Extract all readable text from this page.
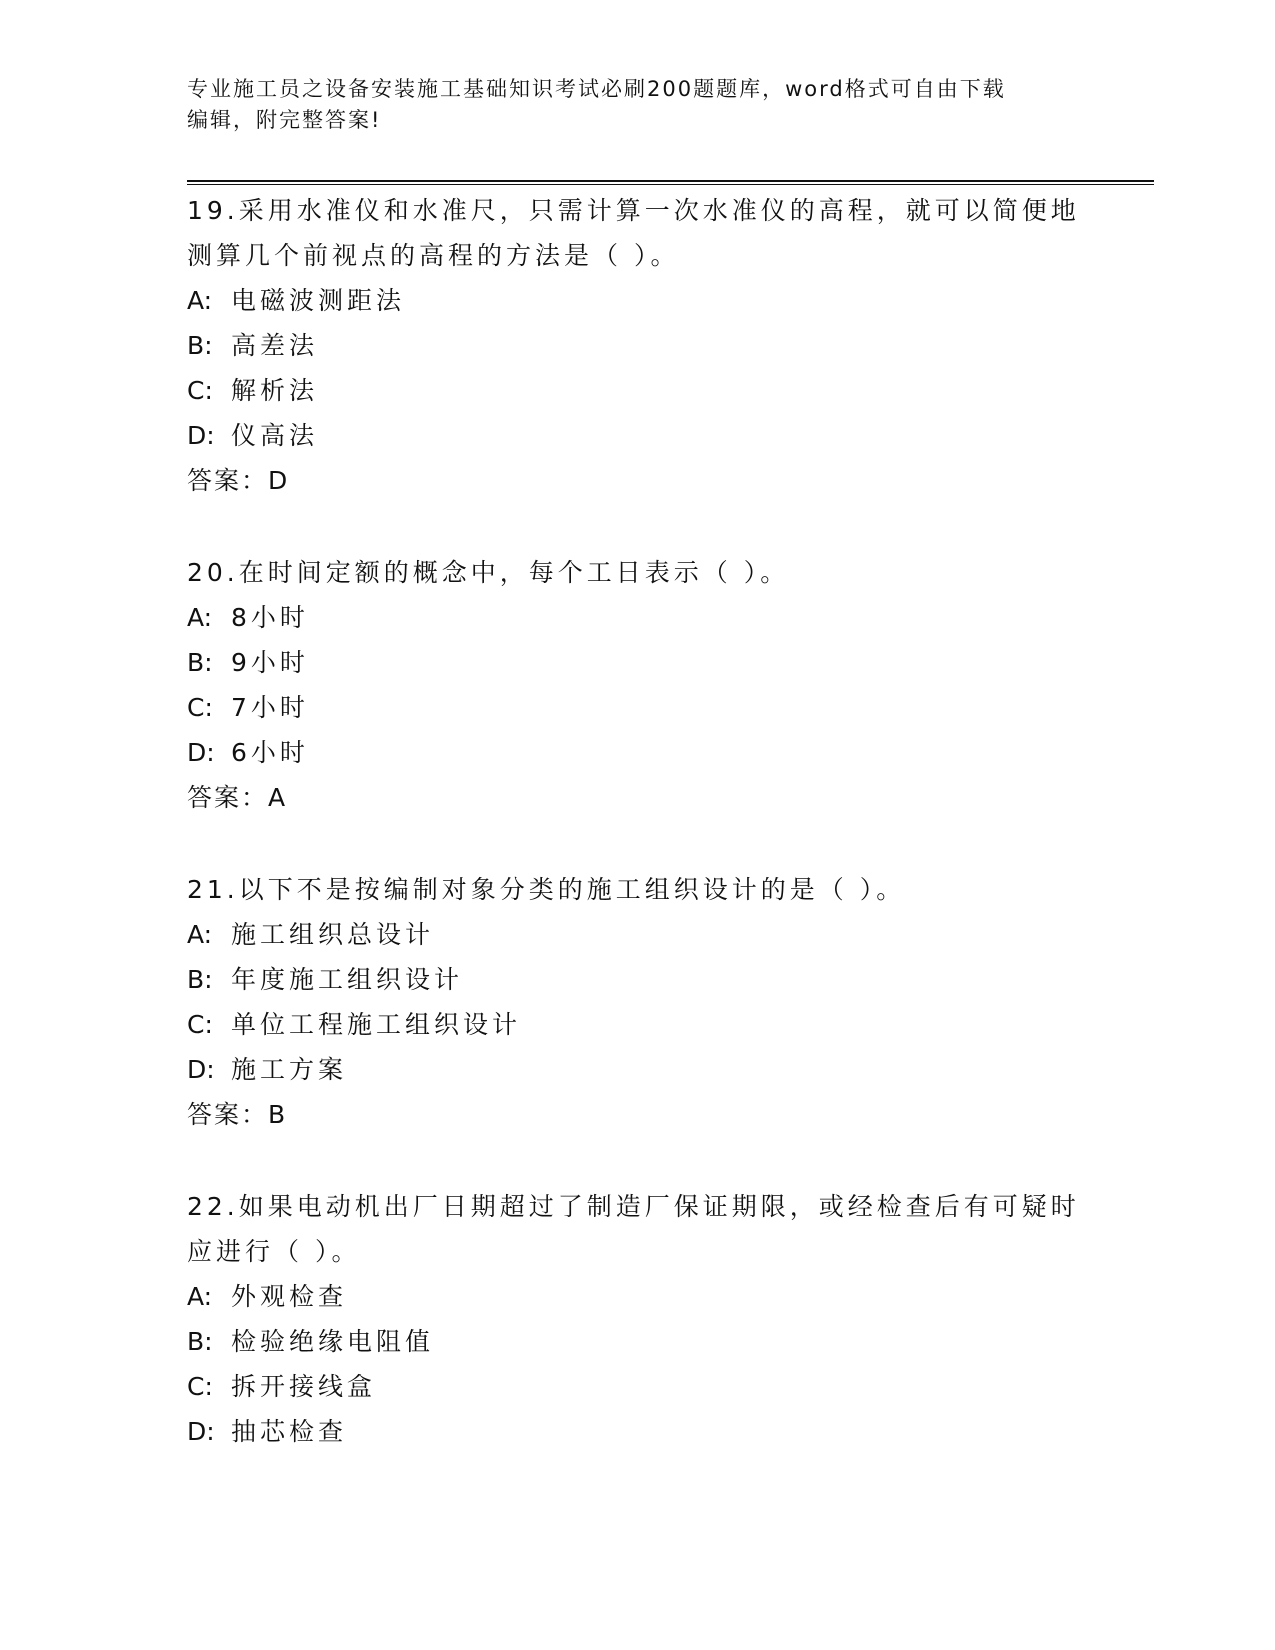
专业施工员之设备安装施工基础知识考试必刷200题题库，word格式可自由下载
编辑，附完整答案!
19.采用水准仪和水准尺，只需计算一次水准仪的高程，就可以简便地
测算几个前视点的高程的方法是（ ）。
A: 电磁波测距法
B: 高差法
C: 解析法
D: 仪高法
答案：D
20.在时间定额的概念中，每个工日表示（ ）。
A: 8小时
B: 9小时
C: 7小时
D: 6小时
答案：A
21.以下不是按编制对象分类的施工组织设计的是（ ）。
A: 施工组织总设计
B: 年度施工组织设计
C: 单位工程施工组织设计
D: 施工方案
答案：B
22.如果电动机出厂日期超过了制造厂保证期限，或经检查后有可疑时
应进行（ ）。
A: 外观检查
B: 检验绝缘电阻值
C: 拆开接线盒
D: 抽芯检查
